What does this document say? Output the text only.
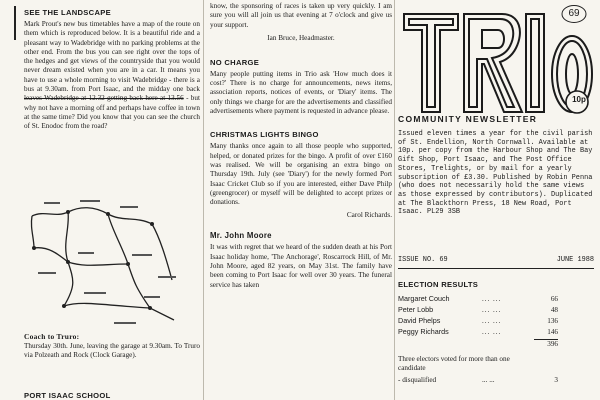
SEE THE LANDSCAPE

Mark Prout's new bus timetables have a map of the route on them which is reproduced below. It is a beautiful ride and a pleasant way to Wadebridge with no parking problems at the other end. From the bus you can see right over the tops of the hedges and get views of the countryside that you would never dream existed when you are in a car. It means you have to use a whole morning to visit Wadebridge - there is a bus at 9.30am. from Port Isaac, and the midday one back leaves Wadebridge at 12.32 getting back here at 13.56 - but why not have a morning off and perhaps have coffee in town at the same time? Did you know that you can see the church of St. Enodoc from the road?

Coach to Truro:

Thursday 30th. June, leaving the garage at 9.30am. To Truro via Polzeath and Rock (Clock Garage).

PORT ISAAC SCHOOL

know, the sponsoring of races is taken up very quickly. I am sure you will all join us that evening at 7 o'clock and give us your support.

Ian Bruce, Headmaster.
NO CHARGE

Many people putting items in Trio ask 'How much does it cost?' There is no charge for announcements, news items, association reports, notices of events, or 'Diary' items. The only things we charge for are the advertisements and classified advertisements where payment is requested in advance please.

CHRISTMAS LIGHTS BINGO

Many thanks once again to all those people who supported, helped, or donated prizes for the bingo. A profit of over £160 was realised. We will be organising an extra bingo on Thursday 19th. July (see 'Diary') for the newly formed Port Isaac Cricket Club so if you are interested, either Dave Philp (greengrocer) or myself will be delighted to accept prizes or donations.

Carol Richards.
Mr. John Moore

It was with regret that we heard of the sudden death at his Port Isaac holiday home, 'The Anchorage', Roscarrock Hill, of Mr. John Moore, aged 82 years, on May 31st. The family have been coming to Port Isaac for well over 30 years. The funeral service has taken

10p
69
COMMUNITY NEWSLETTER

Issued eleven times a year for the civil parish of St. Endellion, North Cornwall. Available at 10p. per copy from the Harbour Shop and The Bay Gift Shop, Port Isaac, and The Post Office Stores, Trelights, or by mail for a yearly subscription of £3.30. Published by Robin Penna (who does not necessarily hold the same views as those expressed by contributors). Duplicated at The Blackthorn Press, 18 New Road, Port Isaac. PL29 3SB

ISSUE NO. 69	JUNE 1988
ELECTION RESULTS
Margaret Couch	... ...	66
Peter Lobb	... ...	48
David Phelps	... ...	136
Peggy Richards	... ...	146
396

Three electors voted for more than one candidate

- disqualified	... ...	3
